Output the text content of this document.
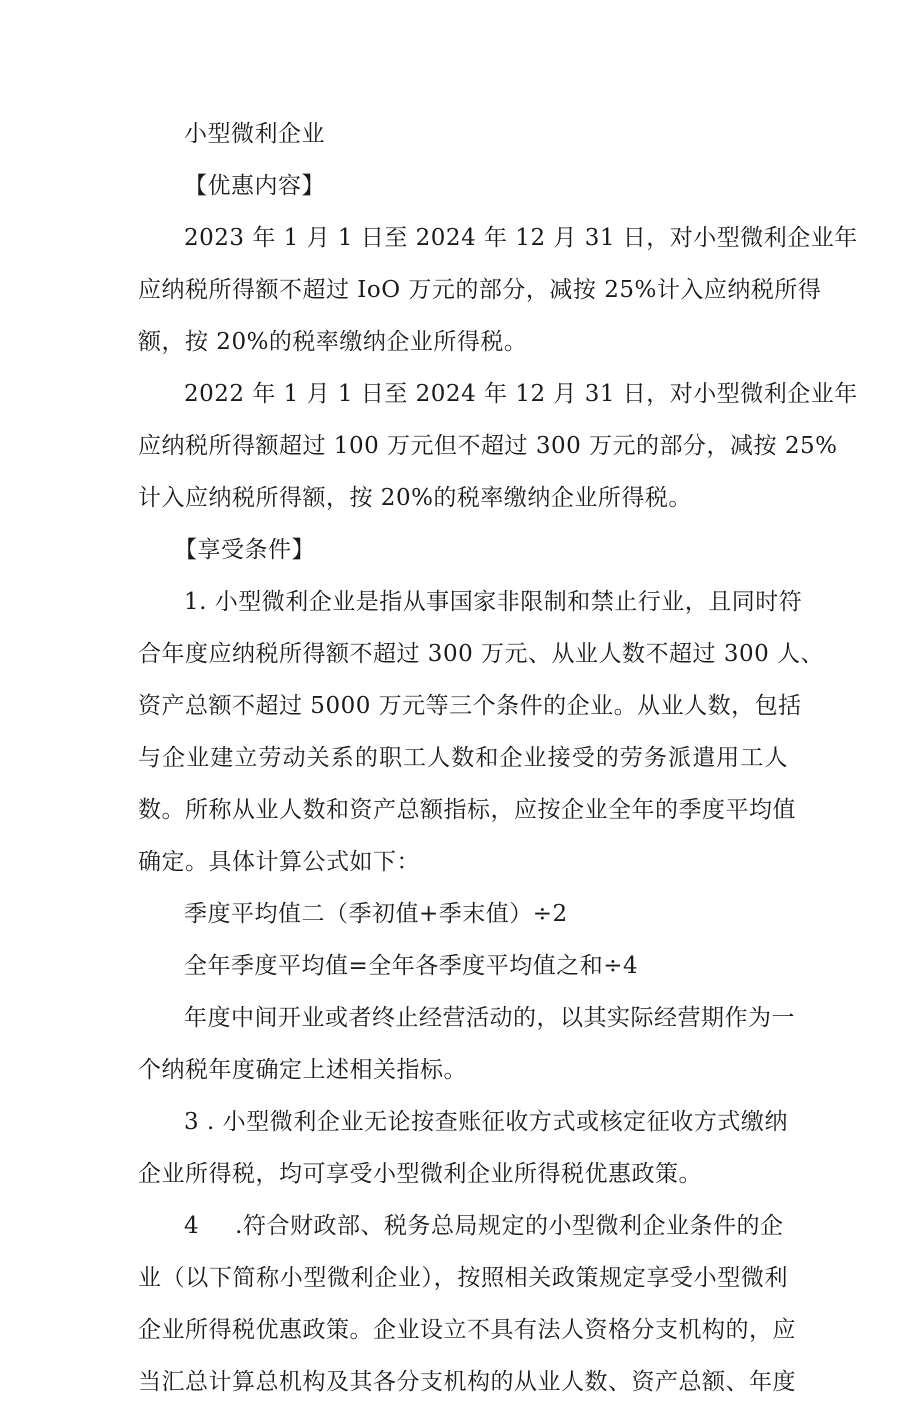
小型微利企业
【优惠内容】
2023 年 1 月 1 日至 2024 年 12 月 31 日，对小型微利企业年
应纳税所得额不超过 IoO 万元的部分，减按 25%计入应纳税所得
额，按 20%的税率缴纳企业所得税。
2022 年 1 月 1 日至 2024 年 12 月 31 日，对小型微利企业年
应纳税所得额超过 100 万元但不超过 300 万元的部分，减按 25%
计入应纳税所得额，按 20%的税率缴纳企业所得税。
【享受条件】
1. 小型微利企业是指从事国家非限制和禁止行业，且同时符
合年度应纳税所得额不超过 300 万元、从业人数不超过 300 人、
资产总额不超过 5000 万元等三个条件的企业。从业人数，包括
与企业建立劳动关系的职工人数和企业接受的劳务派遣用工人
数。所称从业人数和资产总额指标，应按企业全年的季度平均值
确定。具体计算公式如下：
季度平均值二（季初值+季末值）÷2
全年季度平均值=全年各季度平均值之和÷4
年度中间开业或者终止经营活动的，以其实际经营期作为一
个纳税年度确定上述相关指标。
3 . 小型微利企业无论按查账征收方式或核定征收方式缴纳
企业所得税，均可享受小型微利企业所得税优惠政策。
4 .符合财政部、税务总局规定的小型微利企业条件的企
业（以下简称小型微利企业），按照相关政策规定享受小型微利
企业所得税优惠政策。企业设立不具有法人资格分支机构的，应
当汇总计算总机构及其各分支机构的从业人数、资产总额、年度
